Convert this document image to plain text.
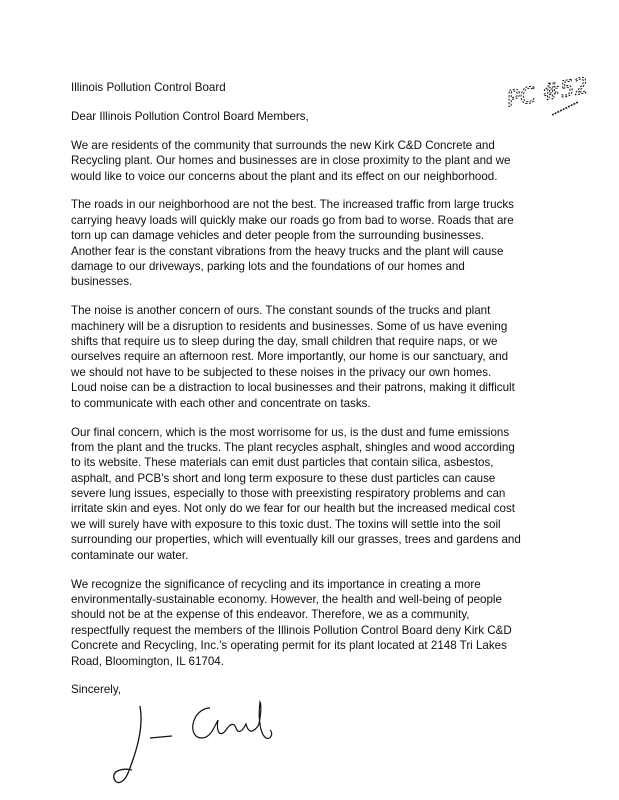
PC #52
Illinois Pollution Control Board
Dear Illinois Pollution Control Board Members,
We are residents of the community that surrounds the new Kirk C&D Concrete and
Recycling plant. Our homes and businesses are in close proximity to the plant and we
would like to voice our concerns about the plant and its effect on our neighborhood.
The roads in our neighborhood are not the best. The increased traffic from large trucks
carrying heavy loads will quickly make our roads go from bad to worse. Roads that are
torn up can damage vehicles and deter people from the surrounding businesses.
Another fear is the constant vibrations from the heavy trucks and the plant will cause
damage to our driveways, parking lots and the foundations of our homes and
businesses.
The noise is another concern of ours. The constant sounds of the trucks and plant
machinery will be a disruption to residents and businesses. Some of us have evening
shifts that require us to sleep during the day, small children that require naps, or we
ourselves require an afternoon rest. More importantly, our home is our sanctuary, and
we should not have to be subjected to these noises in the privacy our own homes.
Loud noise can be a distraction to local businesses and their patrons, making it difficult
to communicate with each other and concentrate on tasks.
Our final concern, which is the most worrisome for us, is the dust and fume emissions
from the plant and the trucks. The plant recycles asphalt, shingles and wood according
to its website. These materials can emit dust particles that contain silica, asbestos,
asphalt, and PCB's short and long term exposure to these dust particles can cause
severe lung issues, especially to those with preexisting respiratory problems and can
irritate skin and eyes. Not only do we fear for our health but the increased medical cost
we will surely have with exposure to this toxic dust. The toxins will settle into the soil
surrounding our properties, which will eventually kill our grasses, trees and gardens and
contaminate our water.
We recognize the significance of recycling and its importance in creating a more
environmentally-sustainable economy. However, the health and well-being of people
should not be at the expense of this endeavor. Therefore, we as a community,
respectfully request the members of the Illinois Pollution Control Board deny Kirk C&D
Concrete and Recycling, Inc.'s operating permit for its plant located at 2148 Tri Lakes
Road, Bloomington, IL 61704.
Sincerely,
